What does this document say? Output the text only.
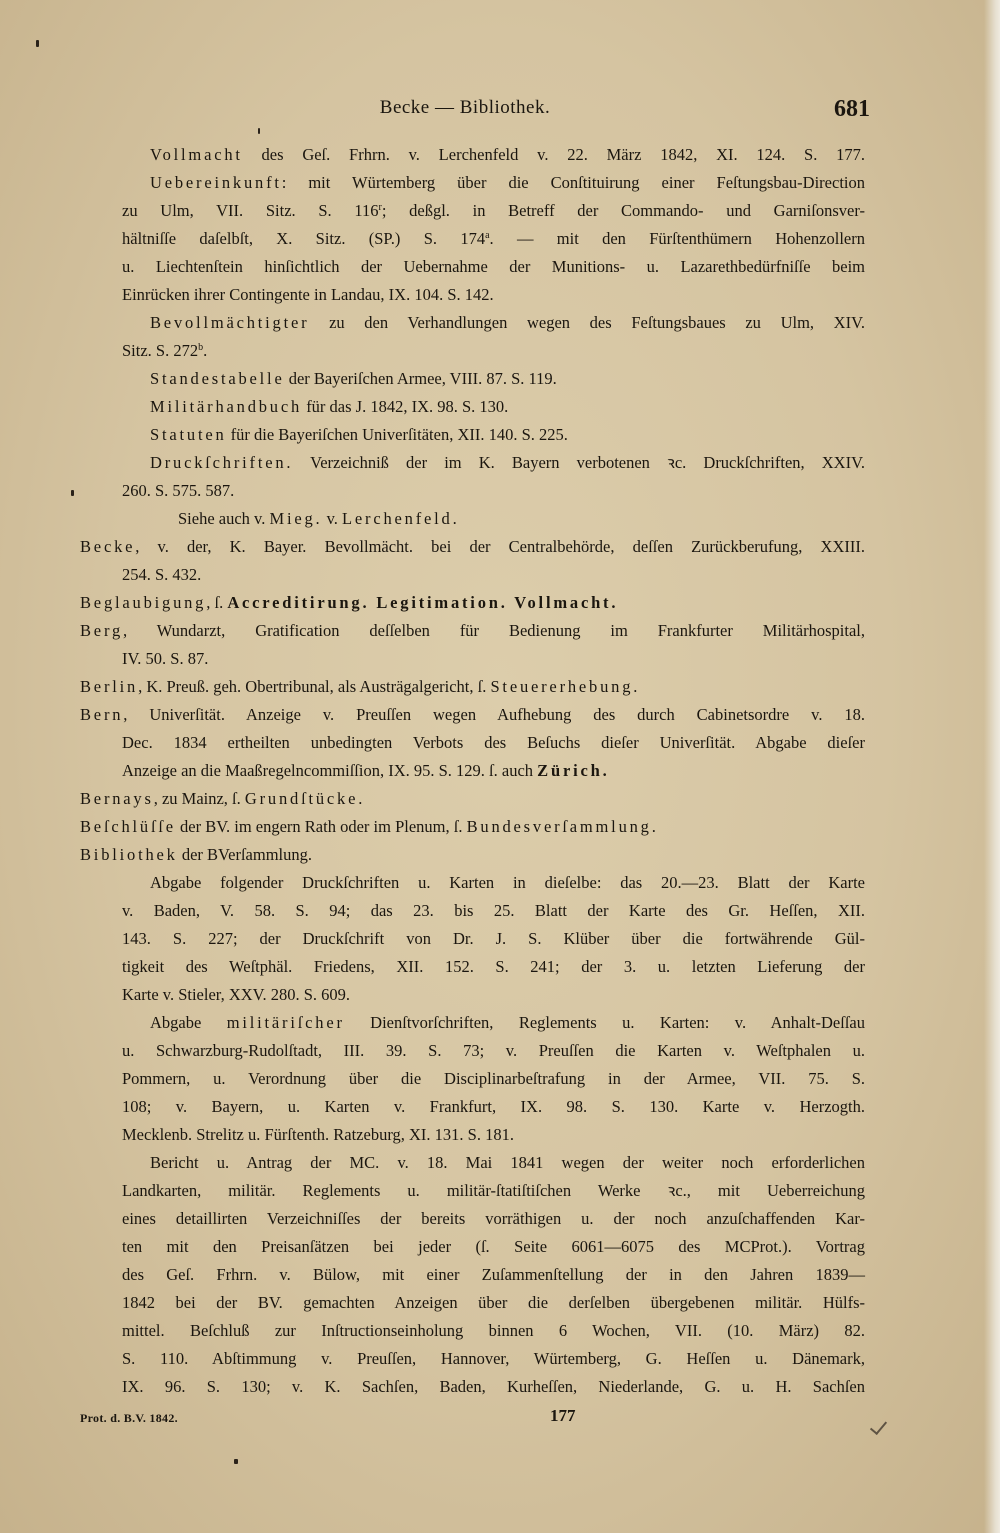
Becke — Bibliothek.	681
Vollmacht des Geſ. Frhrn. v. Lerchenfeld v. 22. März 1842, XI. 124. S. 177.
Uebereinkunft: mit Würtemberg über die Conſtituirung einer Feſtungsbau-Direction
zu Ulm, VII. Sitz. S. 116$^r$; deßgl. in Betreff der Commando- und Garniſonsver-
hältniſſe daſelbſt, X. Sitz. (SP.) S. 174$^a$. — mit den Fürſtenthümern Hohenzollern
u. Liechtenſtein hinſichtlich der Uebernahme der Munitions- u. Lazarethbedürfniſſe beim
Einrücken ihrer Contingente in Landau, IX. 104. S. 142.
Bevollmächtigter zu den Verhandlungen wegen des Feſtungsbaues zu Ulm, XIV.
Sitz. S. 272$^b$.
Standestabelle der Bayeriſchen Armee, VIII. 87. S. 119.
Militärhandbuch für das J. 1842, IX. 98. S. 130.
Statuten für die Bayeriſchen Univerſitäten, XII. 140. S. 225.
Druckſchriften. Verzeichniß der im K. Bayern verbotenen ꝛc. Druckſchriften, XXIV.
260. S. 575. 587.
Siehe auch v. Mieg. v. Lerchenfeld.
Becke, v. der, K. Bayer. Bevollmächt. bei der Centralbehörde, deſſen Zurückberufung, XXIII.
254. S. 432.
Beglaubigung, ſ. Accreditirung. Legitimation. Vollmacht.
Berg, Wundarzt, Gratification deſſelben für Bedienung im Frankfurter Militärhospital,
IV. 50. S. 87.
Berlin, K. Preuß. geh. Obertribunal, als Austrägalgericht, ſ. Steuererhebung.
Bern, Univerſität. Anzeige v. Preuſſen wegen Aufhebung des durch Cabinetsordre v. 18.
Dec. 1834 ertheilten unbedingten Verbots des Beſuchs dieſer Univerſität. Abgabe dieſer
Anzeige an die Maaßregelncommiſſion, IX. 95. S. 129. ſ. auch Zürich.
Bernays, zu Mainz, ſ. Grundſtücke.
Beſchlüſſe der BV. im engern Rath oder im Plenum, ſ. Bundesverſammlung.
Bibliothek der BVerſammlung.
Abgabe folgender Druckſchriften u. Karten in dieſelbe: das 20.—23. Blatt der Karte
v. Baden, V. 58. S. 94; das 23. bis 25. Blatt der Karte des Gr. Heſſen, XII.
143. S. 227; der Druckſchrift von Dr. J. S. Klüber über die fortwährende Gül-
tigkeit des Weſtphäl. Friedens, XII. 152. S. 241; der 3. u. letzten Lieferung der
Karte v. Stieler, XXV. 280. S. 609.
Abgabe militäriſcher Dienſtvorſchriften, Reglements u. Karten: v. Anhalt-Deſſau
u. Schwarzburg-Rudolſtadt, III. 39. S. 73; v. Preuſſen die Karten v. Weſtphalen u.
Pommern, u. Verordnung über die Disciplinarbeſtrafung in der Armee, VII. 75. S.
108; v. Bayern, u. Karten v. Frankfurt, IX. 98. S. 130. Karte v. Herzogth.
Mecklenb. Strelitz u. Fürſtenth. Ratzeburg, XI. 131. S. 181.
Bericht u. Antrag der MC. v. 18. Mai 1841 wegen der weiter noch erforderlichen
Landkarten, militär. Reglements u. militär-ſtatiſtiſchen Werke ꝛc., mit Ueberreichung
eines detaillirten Verzeichniſſes der bereits vorräthigen u. der noch anzuſchaffenden Kar-
ten mit den Preisanſätzen bei jeder (ſ. Seite 6061—6075 des MCProt.). Vortrag
des Geſ. Frhrn. v. Bülow, mit einer Zuſammenſtellung der in den Jahren 1839—
1842 bei der BV. gemachten Anzeigen über die derſelben übergebenen militär. Hülfs-
mittel. Beſchluß zur Inſtructionseinholung binnen 6 Wochen, VII. (10. März) 82.
S. 110. Abſtimmung v. Preuſſen, Hannover, Würtemberg, G. Heſſen u. Dänemark,
IX. 96. S. 130; v. K. Sachſen, Baden, Kurheſſen, Niederlande, G. u. H. Sachſen
Prot. d. B.V. 1842.	177
